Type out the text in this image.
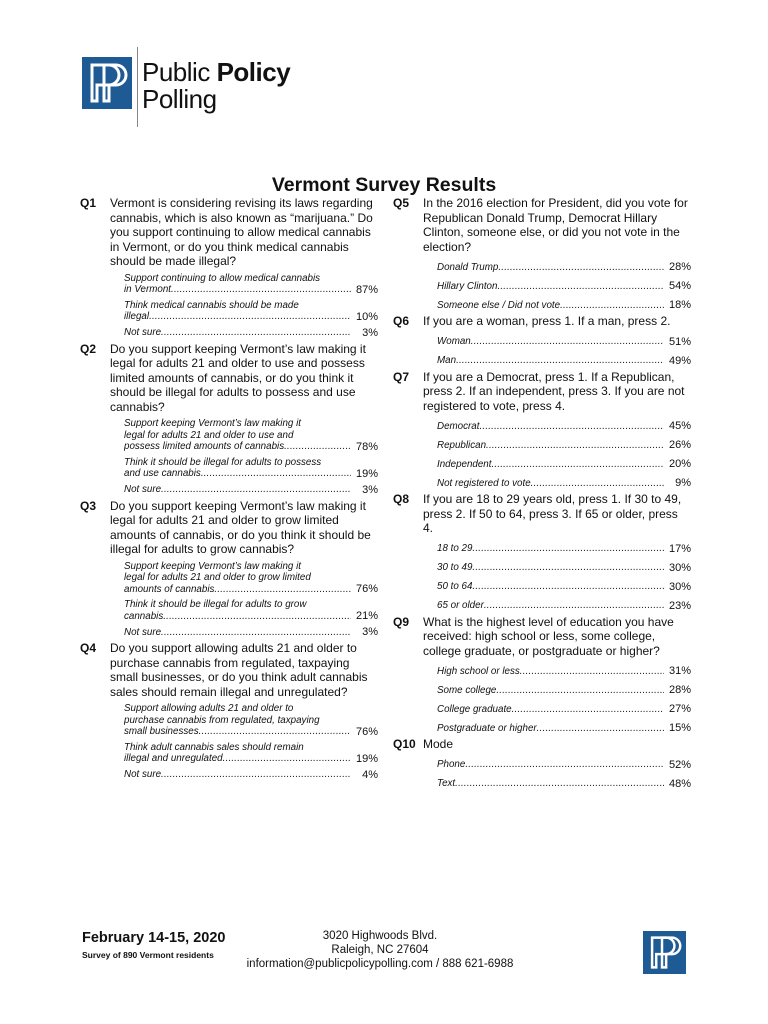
Public Policy
Polling
Vermont Survey Results
Q1	Vermont is considering revising its laws regarding cannabis, which is also known as “marijuana.” Do you support continuing to allow medical cannabis in Vermont, or do you think medical cannabis should be made illegal?
Support continuing to allow medical cannabis
in Vermont .....	87%
Think medical cannabis should be made
illegal .....	10%
Not sure .....	3%
Q2	Do you support keeping Vermont’s law making it legal for adults 21 and older to use and possess limited amounts of cannabis, or do you think it should be illegal for adults to possess and use cannabis?
Support keeping Vermont’s law making it
legal for adults 21 and older to use and
possess limited amounts of cannabis .....	78%
Think it should be illegal for adults to possess
and use cannabis .....	19%
Not sure .....	3%
Q3	Do you support keeping Vermont’s law making it legal for adults 21 and older to grow limited amounts of cannabis, or do you think it should be illegal for adults to grow cannabis?
Support keeping Vermont’s law making it
legal for adults 21 and older to grow limited
amounts of cannabis .....	76%
Think it should be illegal for adults to grow
cannabis .....	21%
Not sure .....	3%
Q4	Do you support allowing adults 21 and older to purchase cannabis from regulated, taxpaying small businesses, or do you think adult cannabis sales should remain illegal and unregulated?
Support allowing adults 21 and older to
purchase cannabis from regulated, taxpaying
small businesses .....	76%
Think adult cannabis sales should remain
illegal and unregulated .....	19%
Not sure .....	4%
Q5	In the 2016 election for President, did you vote for Republican Donald Trump, Democrat Hillary Clinton, someone else, or did you not vote in the election?
Donald Trump .....	28%
Hillary Clinton .....	54%
Someone else / Did not vote .....	18%
Q6	If you are a woman, press 1. If a man, press 2.
Woman .....	51%
Man .....	49%
Q7	If you are a Democrat, press 1. If a Republican, press 2. If an independent, press 3. If you are not registered to vote, press 4.
Democrat .....	45%
Republican .....	26%
Independent .....	20%
Not registered to vote .....	9%
Q8	If you are 18 to 29 years old, press 1. If 30 to 49, press 2. If 50 to 64, press 3. If 65 or older, press 4.
18 to 29 .....	17%
30 to 49 .....	30%
50 to 64 .....	30%
65 or older .....	23%
Q9	What is the highest level of education you have received: high school or less, some college, college graduate, or postgraduate or higher?
High school or less .....	31%
Some college .....	28%
College graduate .....	27%
Postgraduate or higher .....	15%
Q10 Mode
Phone .....	52%
Text .....	48%
February 14-15, 2020
Survey of 890 Vermont residents
3020 Highwoods Blvd.
Raleigh, NC 27604
information@publicpolicypolling.com / 888 621-6988
